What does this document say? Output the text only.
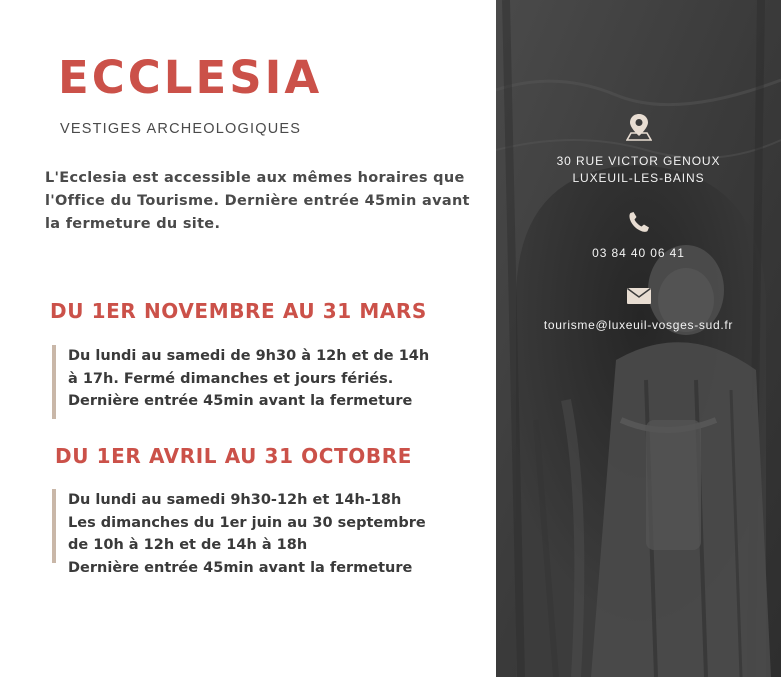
ECCLESIA
VESTIGES ARCHEOLOGIQUES
L'Ecclesia est accessible aux mêmes horaires que l'Office du Tourisme. Dernière entrée 45min avant la fermeture du site.
DU 1ER NOVEMBRE AU 31 MARS

Du lundi au samedi de 9h30 à 12h et de 14h

à 17h. Fermé dimanches et jours fériés.

Dernière entrée 45min avant la fermeture

DU 1ER AVRIL AU 31 OCTOBRE

Du lundi au samedi 9h30-12h et 14h-18h

Les dimanches du 1er juin au 30 septembre

de 10h à 12h et de 14h à 18h

Dernière entrée 45min avant la fermeture

30 RUE VICTOR GENOUX
LUXEUIL-LES-BAINS
03 84 40 06 41
tourisme@luxeuil-vosges-sud.fr
